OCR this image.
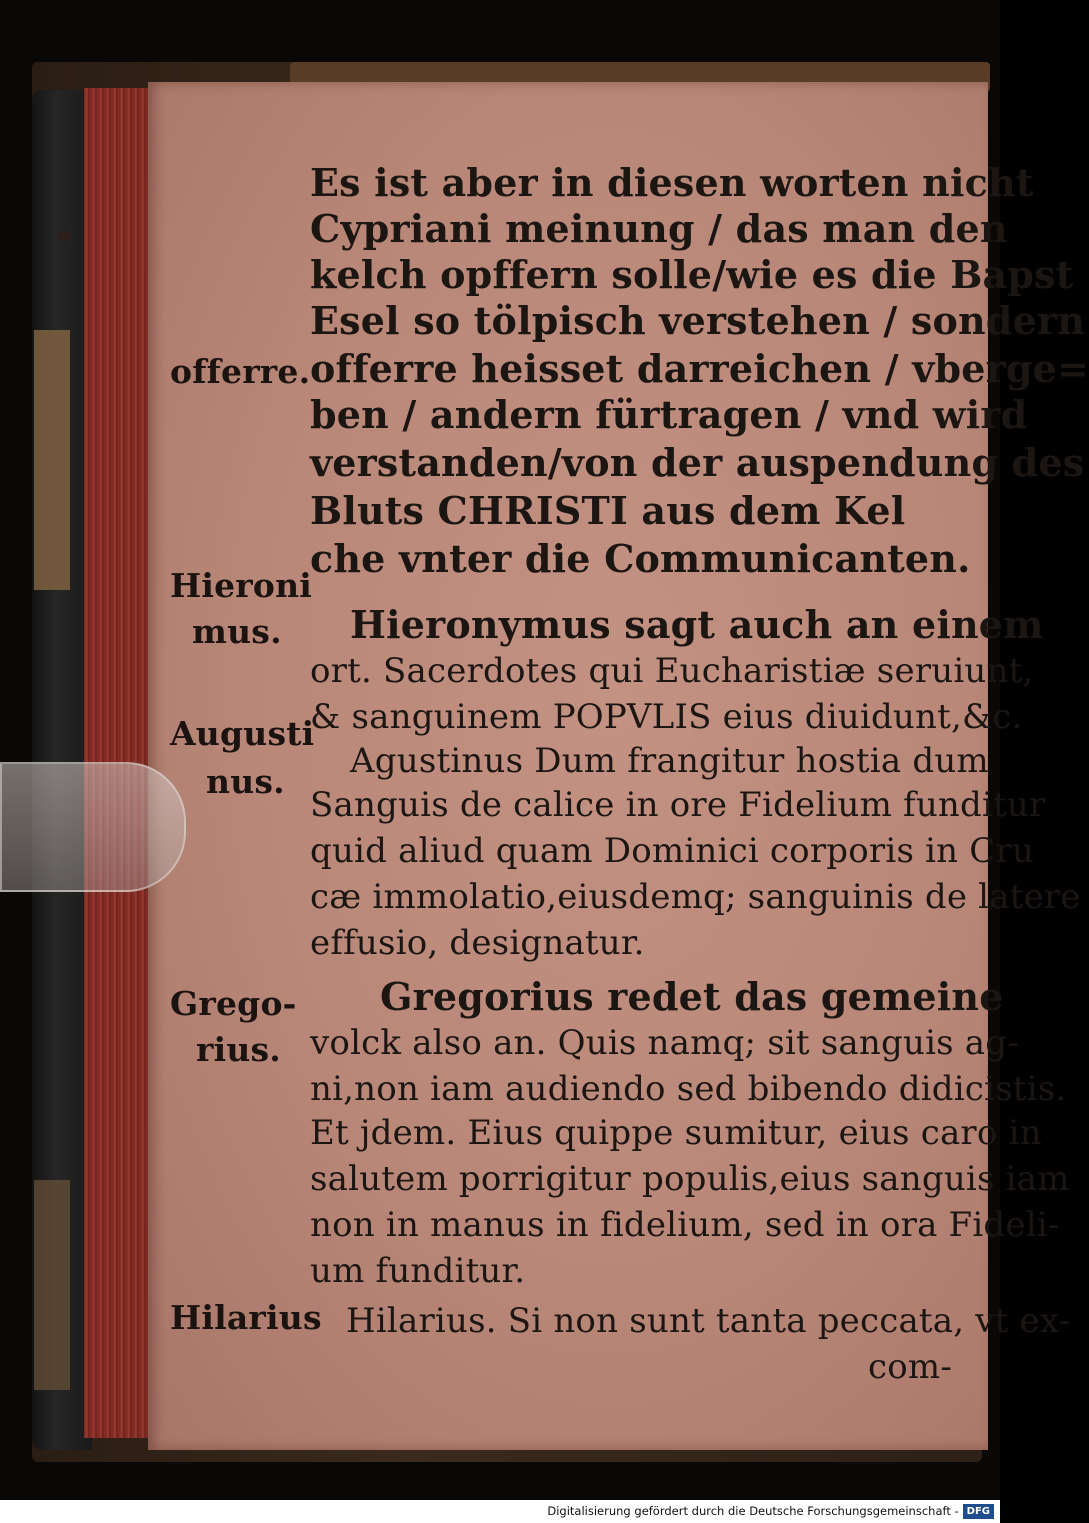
Es ist aber in diesen worten nicht
Cypriani meinung / das man den
kelch opffern solle/wie es die Bapst
Esel so tölpisch verstehen / sondern
offerre heisset darreichen / vberge=
ben / andern fürtragen / vnd wird
verstanden/von der auspendung des
Bluts CHRISTI aus dem Kel
che vnter die Communicanten.
Hieronymus sagt auch an einem
ort. Sacerdotes qui Eucharistiæ seruiunt,
& sanguinem POPVLIS eius diuidunt,&c.
Agustinus Dum frangitur hostia dum
Sanguis de calice in ore Fidelium funditur
quid aliud quam Dominici corporis in Cru
cæ immolatio,eiusdemq; sanguinis de latere
effusio, designatur.
Gregorius redet das gemeine
volck also an. Quis namq; sit sanguis ag-
ni,non iam audiendo sed bibendo didicistis.
Et jdem. Eius quippe sumitur, eius caro in
salutem porrigitur populis,eius sanguis iam
non in manus in fidelium, sed in ora Fideli-
um funditur.
Hilarius. Si non sunt tanta peccata, vt ex-
com-
offerre.
Hieroni
mus.
Augusti
nus.
Grego-
rius.
Hilarius
Digitalisierung gefördert durch die Deutsche Forschungsgemeinschaft - DFG
